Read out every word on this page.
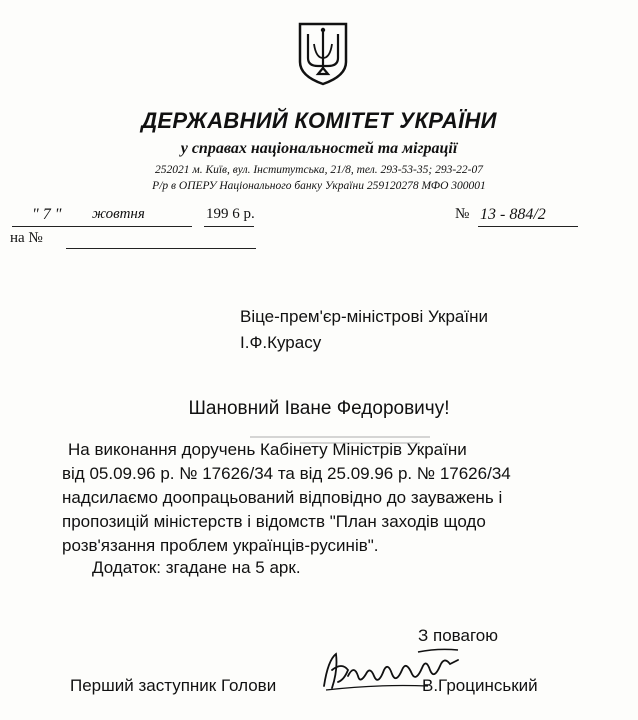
ДЕРЖАВНИЙ КОМІТЕТ УКРАЇНИ
у справах національностей та міграції
252021 м. Київ, вул. Інститутська, 21/8, тел. 293-53-35; 293-22-07
Р/р в ОПЕРУ Національного банку України 259120278 МФО 300001
" 7 " жовтня	199 6 р.	№ 13 - 884/2
на №
Віце-прем'єр-міністрові України
І.Ф.Курасу
Шановний Іване Федоровичу!
На виконання доручень Кабінету Міністрів України
від 05.09.96 р. № 17626/34 та від 25.09.96 р. № 17626/34
надсилаємо доопрацьований відповідно до зауважень і
пропозицій міністерств і відомств "План заходів щодо
розв'язання проблем українців-русинів".
Додаток: згадане на 5 арк.
З повагою
Перший заступник Голови	В.Гроцинський
